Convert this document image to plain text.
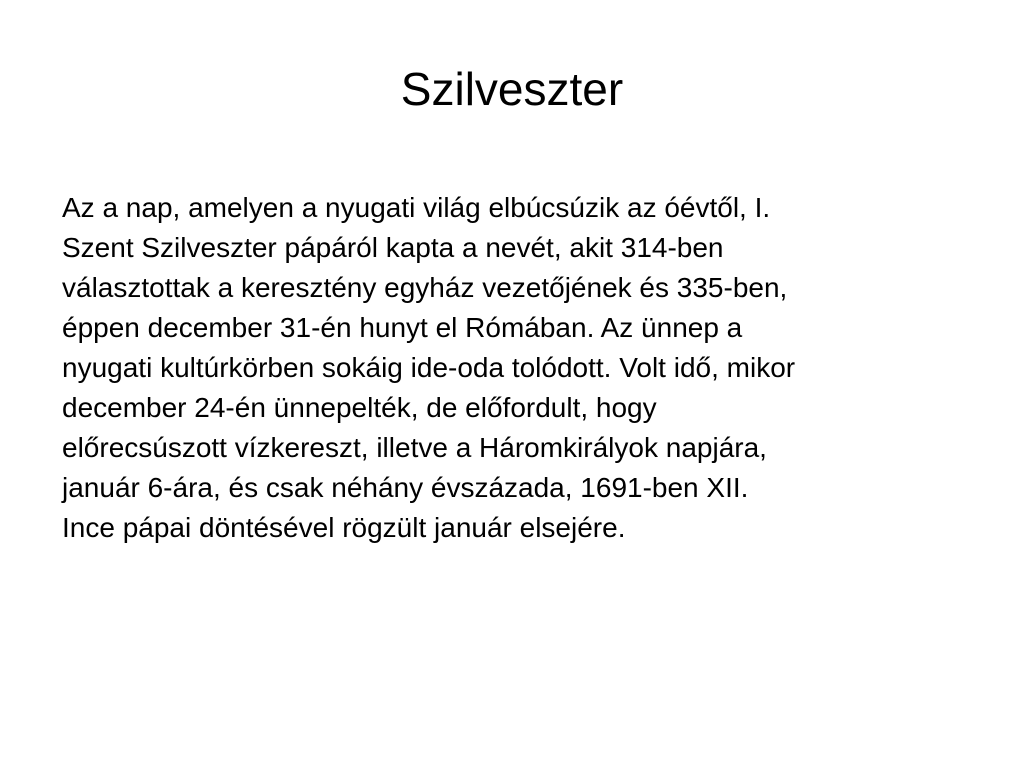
Szilveszter

Az a nap, amelyen a nyugati világ elbúcsúzik az óévtől, I.
Szent Szilveszter pápáról kapta a nevét, akit 314-ben
választottak a keresztény egyház vezetőjének és 335-ben,
éppen december 31-én hunyt el Rómában. Az ünnep a
nyugati kultúrkörben sokáig ide-oda tolódott. Volt idő, mikor
december 24-én ünnepelték, de előfordult, hogy
előrecsúszott vízkereszt, illetve a Háromkirályok napjára,
január 6-ára, és csak néhány évszázada, 1691-ben XII.
Ince pápai döntésével rögzült január elsejére.
